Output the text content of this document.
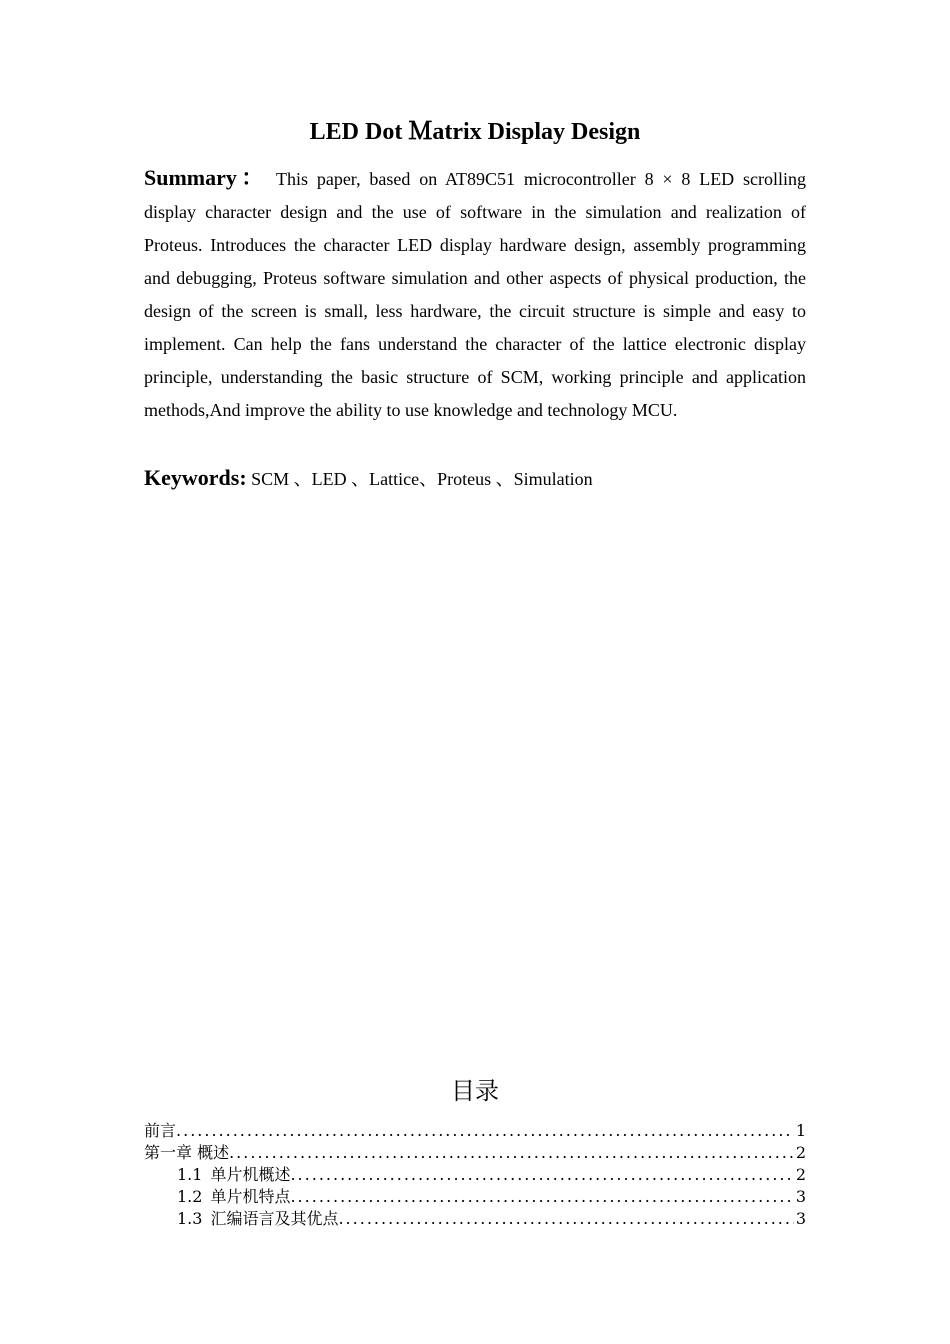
LED Dot Ｍatrix Display Design
Summary： This paper, based on AT89C51 microcontroller 8 × 8 LED scrolling display character design and the use of software in the simulation and realization of Proteus. Introduces the character LED display hardware design, assembly programming and debugging, Proteus software simulation and other aspects of physical production, the design of the screen is small, less hardware, the circuit structure is simple and easy to implement. Can help the fans understand the character of the lattice electronic display principle, understanding the basic structure of SCM, working principle and application methods,And improve the ability to use knowledge and technology MCU.
Keywords: SCM 、LED 、Lattice、Proteus 、Simulation
目录
前言 .....	1
第一章 概述 .....	2
1.1 单片机概述 .....	2
1.2 单片机特点 .....	3
1.3 汇编语言及其优点 .....	3
